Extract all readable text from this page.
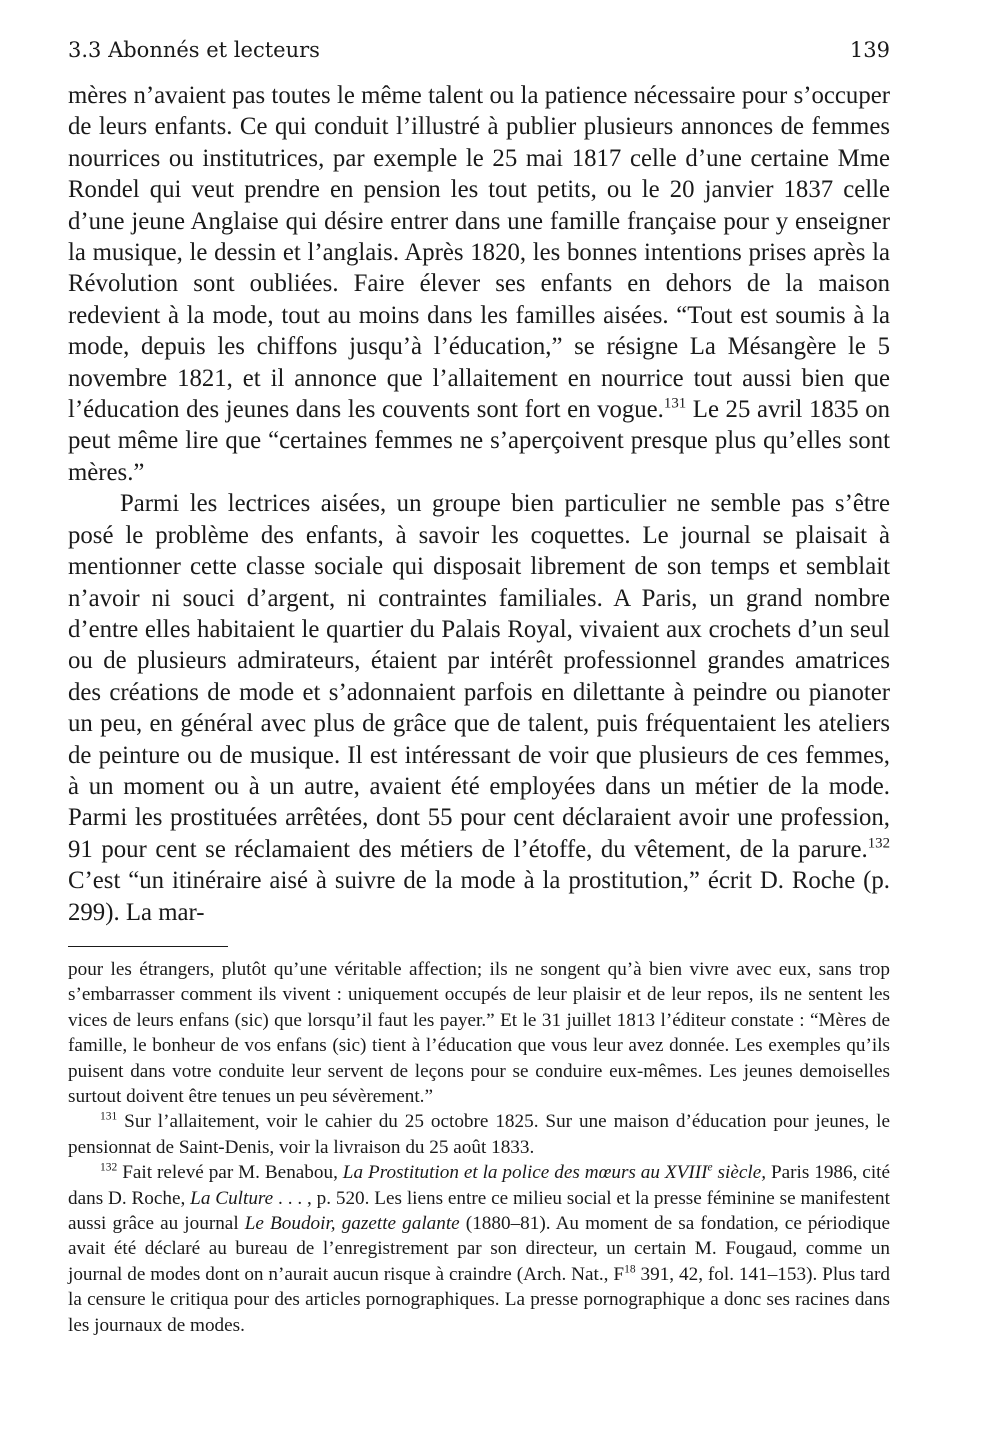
3.3 Abonnés et lecteurs	139

mères n’avaient pas toutes le même talent ou la patience nécessaire pour s’occuper de leurs enfants. Ce qui conduit l’illustré à publier plusieurs annonces de femmes nourrices ou institutrices, par exemple le 25 mai 1817 celle d’une certaine Mme Rondel qui veut prendre en pension les tout petits, ou le 20 janvier 1837 celle d’une jeune Anglaise qui désire entrer dans une famille française pour y enseigner la musique, le dessin et l’anglais. Après 1820, les bonnes intentions prises après la Révolution sont oubliées. Faire élever ses enfants en dehors de la maison redevient à la mode, tout au moins dans les familles aisées. “Tout est soumis à la mode, depuis les chiffons jusqu’à l’éducation,” se résigne La Mésangère le 5 novembre 1821, et il annonce que l’allaitement en nourrice tout aussi bien que l’éducation des jeunes dans les couvents sont fort en vogue.$^{131}$ Le 25 avril 1835 on peut même lire que “certaines femmes ne s’aperçoivent presque plus qu’elles sont mères.”

Parmi les lectrices aisées, un groupe bien particulier ne semble pas s’être posé le problème des enfants, à savoir les coquettes. Le journal se plaisait à mentionner cette classe sociale qui disposait librement de son temps et semblait n’avoir ni souci d’argent, ni contraintes familiales. A Paris, un grand nombre d’entre elles habitaient le quartier du Palais Royal, vivaient aux crochets d’un seul ou de plusieurs admirateurs, étaient par intérêt professionnel grandes amatrices des créations de mode et s’adonnaient parfois en dilettante à peindre ou pianoter un peu, en général avec plus de grâce que de talent, puis fréquentaient les ateliers de peinture ou de musique. Il est intéressant de voir que plusieurs de ces femmes, à un moment ou à un autre, avaient été employées dans un métier de la mode. Parmi les prostituées arrêtées, dont 55 pour cent déclaraient avoir une profession, 91 pour cent se réclamaient des métiers de l’étoffe, du vêtement, de la parure.$^{132}$ C’est “un itinéraire aisé à suivre de la mode à la prostitution,” écrit D. Roche (p. 299). La mar-

pour les étrangers, plutôt qu’une véritable affection; ils ne songent qu’à bien vivre avec eux, sans trop s’embarrasser comment ils vivent : uniquement occupés de leur plaisir et de leur repos, ils ne sentent les vices de leurs enfans (sic) que lorsqu’il faut les payer.” Et le 31 juillet 1813 l’éditeur constate : “Mères de famille, le bonheur de vos enfans (sic) tient à l’éducation que vous leur avez donnée. Les exemples qu’ils puisent dans votre conduite leur servent de leçons pour se conduire eux-mêmes. Les jeunes demoiselles surtout doivent être tenues un peu sévèrement.”

$^{131}$ Sur l’allaitement, voir le cahier du 25 octobre 1825. Sur une maison d’éducation pour jeunes, le pensionnat de Saint-Denis, voir la livraison du 25 août 1833.

$^{132}$ Fait relevé par M. Benabou, La Prostitution et la police des mœurs au XVIIIe siècle, Paris 1986, cité dans D. Roche, La Culture . . . , p. 520. Les liens entre ce milieu social et la presse féminine se manifestent aussi grâce au journal Le Boudoir, gazette galante (1880–81). Au moment de sa fondation, ce périodique avait été déclaré au bureau de l’enregistrement par son directeur, un certain M. Fougaud, comme un journal de modes dont on n’aurait aucun risque à craindre (Arch. Nat., $F^{18}$ 391, 42, fol. 141–153). Plus tard la censure le critiqua pour des articles pornographiques. La presse pornographique a donc ses racines dans les journaux de modes.
